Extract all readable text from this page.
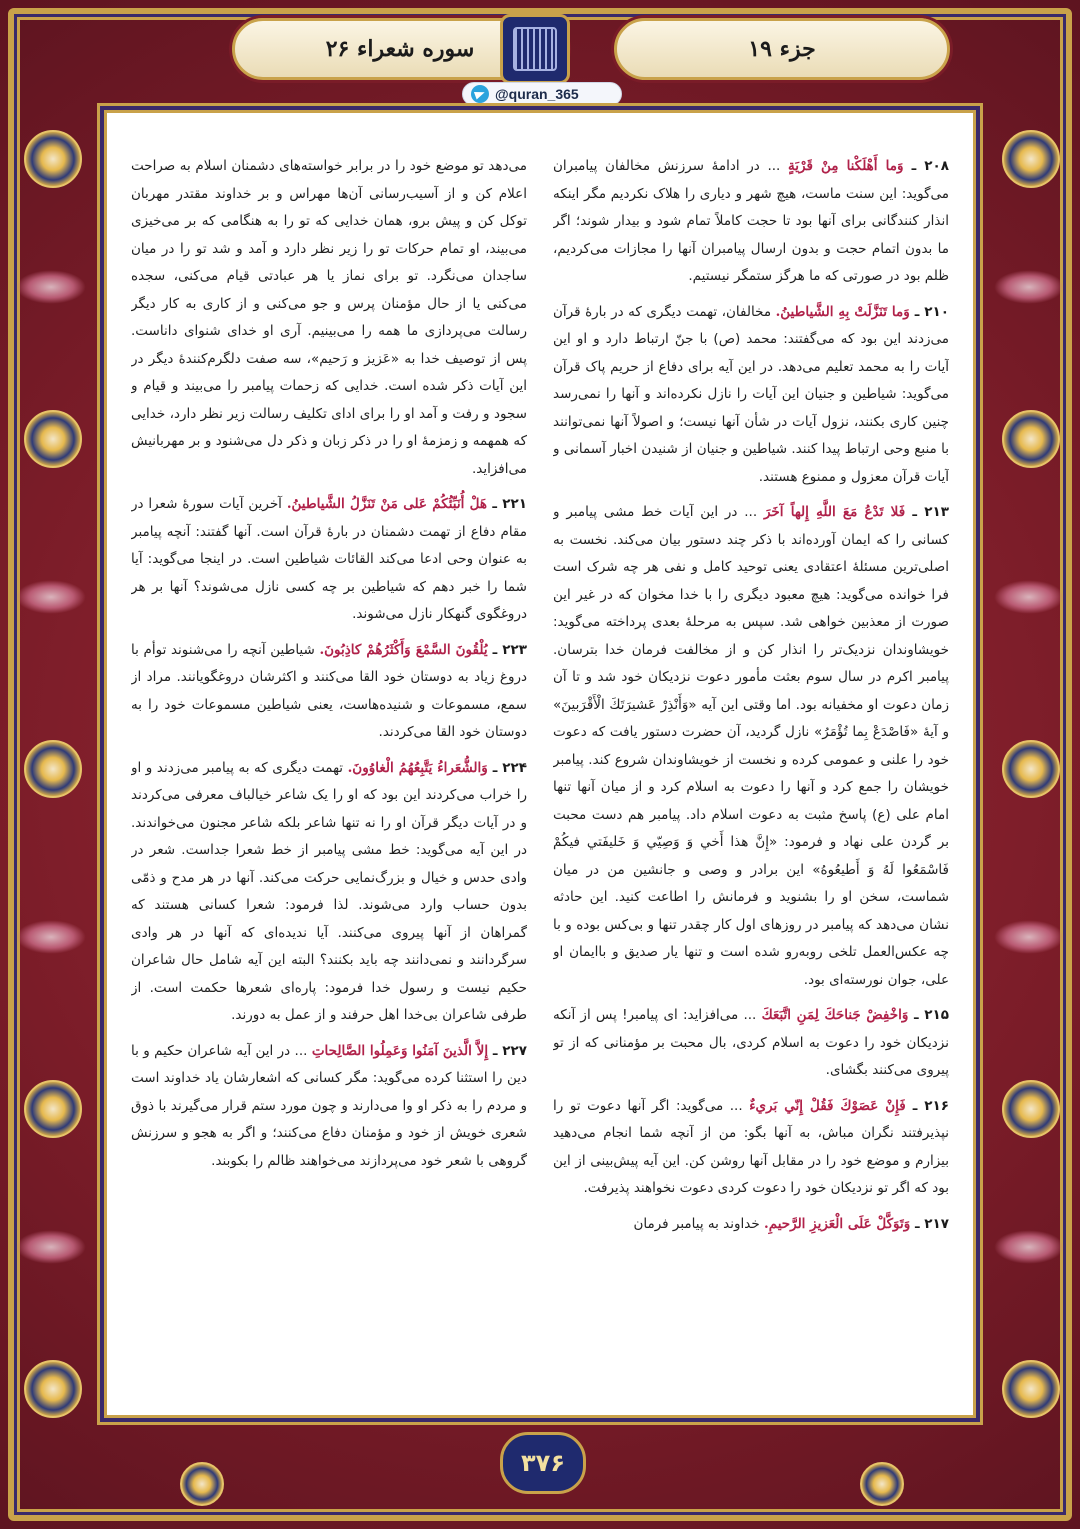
سوره شعراء ۲۶	جزء ۱۹
@quran_365

۲۰۸ ـ وَما أَهْلَكْنا مِنْ قَرْيَةٍ ... در ادامۀ سرزنش مخالفان پیامبران می‌گوید: این سنت ماست، هیچ شهر و دیاری را هلاک نکردیم مگر اینکه انذار کنندگانی برای آنها بود تا حجت کاملاً تمام شود و بیدار شوند؛ اگر ما بدون اتمام حجت و بدون ارسال پیامبران آنها را مجازات می‌کردیم، ظلم بود در صورتی که ما هرگز ستمگر نیستیم.

۲۱۰ ـ وَما تَنَزَّلَتْ بِهِ الشَّياطينُ. مخالفان، تهمت دیگری که در بارۀ قرآن می‌زدند این بود که می‌گفتند: محمد (ص) با جنّ ارتباط دارد و او این آیات را به محمد تعلیم می‌دهد. در این آیه برای دفاع از حریم پاک قرآن می‌گوید: شیاطین و جنیان این آیات را نازل نکرده‌اند و آنها را نمی‌رسد چنین کاری بکنند، نزول آیات در شأن آنها نیست؛ و اصولاً آنها نمی‌توانند با منبع وحی ارتباط پیدا کنند. شیاطین و جنیان از شنیدن اخبار آسمانی و آیات قرآن معزول و ممنوع هستند.

۲۱۳ ـ فَلا تَدْعُ مَعَ اللَّهِ إِلهاً آخَرَ ... در این آیات خط مشی پیامبر و کسانی را که ایمان آورده‌اند با ذکر چند دستور بیان می‌کند. نخست به اصلی‌ترین مسئلۀ اعتقادی یعنی توحید کامل و نفی هر چه شرک است فرا خوانده می‌گوید: هیچ معبود دیگری را با خدا مخوان که در غیر این صورت از معذبین خواهی شد. سپس به مرحلۀ بعدی پرداخته می‌گوید: خویشاوندان نزدیک‌تر را انذار کن و از مخالفت فرمان خدا بترسان. پیامبر اکرم در سال سوم بعثت مأمور دعوت نزدیکان خود شد و تا آن زمان دعوت او مخفیانه بود. اما وقتی این آیه «وَأَنْذِرْ عَشيرَتَكَ الْأَقْرَبينَ» و آیۀ «فَاصْدَعْ بِما تُؤْمَرُ» نازل گردید، آن حضرت دستور یافت که دعوت خود را علنی و عمومی کرده و نخست از خویشاوندان شروع کند. پیامبر خویشان را جمع کرد و آنها را دعوت به اسلام کرد و از میان آنها تنها امام علی (ع) پاسخ مثبت به دعوت اسلام داد. پیامبر هم دست محبت بر گردن علی نهاد و فرمود: «إِنَّ هذا أَخي وَ وَصِيّي وَ خَليفَتي فيكُمْ فَاسْمَعُوا لَهُ وَ أَطيعُوهُ» این برادر و وصی و جانشین من در میان شماست، سخن او را بشنوید و فرمانش را اطاعت کنید. این حادثه نشان می‌دهد که پیامبر در روزهای اول کار چقدر تنها و بی‌کس بوده و با چه عکس‌العمل تلخی روبه‌رو شده است و تنها یار صدیق و باایمان او علی، جوان نورسته‌ای بود.

۲۱۵ ـ وَاخْفِضْ جَناحَكَ لِمَنِ اتَّبَعَكَ ... می‌افزاید: ای پیامبر! پس از آنکه نزدیکان خود را دعوت به اسلام کردی، بال محبت بر مؤمنانی که از تو پیروی می‌کنند بگشای.

۲۱۶ ـ فَإِنْ عَصَوْكَ فَقُلْ إِنّي بَريءٌ ... می‌گوید: اگر آنها دعوت تو را نپذیرفتند نگران مباش، به آنها بگو: من از آنچه شما انجام می‌دهید بیزارم و موضع خود را در مقابل آنها روشن کن. این آیه پیش‌بینی از این بود که اگر تو نزدیکان خود را دعوت کردی دعوت نخواهند پذیرفت.

۲۱۷ ـ وَتَوَكَّلْ عَلَى الْعَزيزِ الرَّحيمِ. خداوند به پیامبر فرمان

می‌دهد تو موضع خود را در برابر خواسته‌های دشمنان اسلام به صراحت اعلام کن و از آسیب‌رسانی آن‌ها مهراس و بر خداوند مقتدر مهربان توکل کن و پیش برو، همان خدایی که تو را به هنگامی که بر می‌خیزی می‌بیند، او تمام حرکات تو را زیر نظر دارد و آمد و شد تو را در میان ساجدان می‌نگرد. تو برای نماز یا هر عبادتی قیام می‌کنی، سجده می‌کنی یا از حال مؤمنان پرس و جو می‌کنی و از کاری به کار دیگر رسالت می‌پردازی ما همه را می‌بینیم. آری او خدای شنوای داناست. پس از توصیف خدا به «عَزيز و رَحيم»، سه صفت دلگرم‌کنندۀ دیگر در این آیات ذکر شده است. خدایی که زحمات پیامبر را می‌بیند و قیام و سجود و رفت و آمد او را برای ادای تکلیف رسالت زیر نظر دارد، خدایی که همهمه و زمزمۀ او را در ذکر زبان و ذکر دل می‌شنود و بر مهربانیش می‌افزاید.

۲۲۱ ـ هَلْ أُنَبِّئُكُمْ عَلى مَنْ تَنَزَّلُ الشَّياطينُ. آخرین آیات سورۀ شعرا در مقام دفاع از تهمت دشمنان در بارۀ قرآن است. آنها گفتند: آنچه پیامبر به عنوان وحی ادعا می‌کند القائات شیاطین است. در اینجا می‌گوید: آیا شما را خبر دهم که شیاطین بر چه کسی نازل می‌شوند؟ آنها بر هر دروغگوی گنهکار نازل می‌شوند.

۲۲۳ ـ يُلْقُونَ السَّمْعَ وَأَكْثَرُهُمْ كاذِبُونَ. شیاطین آنچه را می‌شنوند توأم با دروغ زیاد به دوستان خود القا می‌کنند و اکثرشان دروغگویانند. مراد از سمع، مسموعات و شنیده‌هاست، یعنی شیاطین مسموعات خود را به دوستان خود القا می‌کردند.

۲۲۴ ـ وَالشُّعَراءُ يَتَّبِعُهُمُ الْغاوُونَ. تهمت دیگری که به پیامبر می‌زدند و او را خراب می‌کردند این بود که او را یک شاعر خیالباف معرفی می‌کردند و در آیات دیگر قرآن او را نه تنها شاعر بلکه شاعر مجنون می‌خواندند. در این آیه می‌گوید: خط مشی پیامبر از خط شعرا جداست. شعر در وادی حدس و خیال و بزرگ‌نمایی حرکت می‌کند. آنها در هر مدح و ذمّی بدون حساب وارد می‌شوند. لذا فرمود: شعرا کسانی هستند که گمراهان از آنها پیروی می‌کنند. آیا ندیده‌ای که آنها در هر وادی سرگردانند و نمی‌دانند چه باید بکنند؟ البته این آیه شامل حال شاعران حکیم نیست و رسول خدا فرمود: پاره‌ای شعرها حکمت است. از طرفی شاعران بی‌خدا اهل حرفند و از عمل به دورند.

۲۲۷ ـ إِلاَّ الَّذينَ آمَنُوا وَعَمِلُوا الصَّالِحاتِ ... در این آیه شاعران حکیم و با دین را استثنا کرده می‌گوید: مگر کسانی که اشعارشان یاد خداوند است و مردم را به ذکر او وا می‌دارند و چون مورد ستم قرار می‌گیرند با ذوق شعری خویش از خود و مؤمنان دفاع می‌کنند؛ و اگر به هجو و سرزنش گروهی با شعر خود می‌پردازند می‌خواهند ظالم را بکوبند.

۳۷۶
